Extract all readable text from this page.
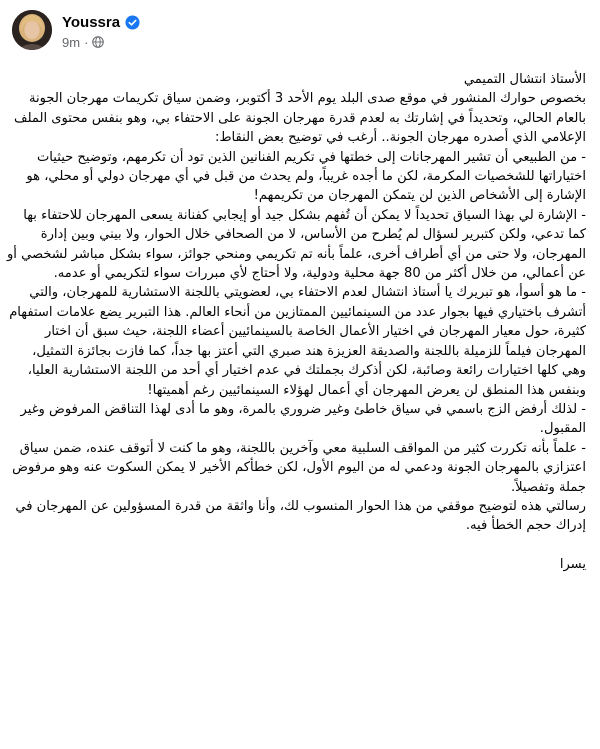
Youssra
9m ·

الأستاذ انتشال التميمي

بخصوص حوارك المنشور في موقع صدى البلد يوم الأحد 3 أكتوبر، وضمن سياق تكريمات مهرجان الجونة بالعام الحالي، وتحديداً في إشارتك به لعدم قدرة مهرجان الجونة على الاحتفاء بي، وهو بنفس محتوى الملف الإعلامي الذي أصدره مهرجان الجونة.. أرغب في توضيح بعض النقاط:

- من الطبيعي أن تشير المهرجانات إلى خطتها في تكريم الفنانين الذين تود أن تكرمهم، وتوضيح حيثيات اختياراتها للشخصيات المكرمة، لكن ما أجده غريباً، ولم يحدث من قبل في أي مهرجان دولي أو محلي، هو الإشارة إلى الأشخاص الذين لن يتمكن المهرجان من تكريمهم!

- الإشارة لي بهذا السياق تحديداً لا يمكن أن تُفهم بشكل جيد أو إيجابي كفنانة يسعى المهرجان للاحتفاء بها كما تدعي، ولكن كتبرير لسؤال لم يُطرح من الأساس، لا من الصحافي خلال الحوار، ولا بيني وبين إدارة المهرجان، ولا حتى من أي أطراف أخرى، علماً بأنه تم تكريمي ومنحي جوائز، سواء بشكل مباشر لشخصي أو عن أعمالي، من خلال أكثر من 80 جهة محلية ودولية، ولا أحتاج لأي مبررات سواء لتكريمي أو عدمه.

- ما هو أسوأ، هو تبريرك يا أستاذ انتشال لعدم الاحتفاء بي، لعضويتي باللجنة الاستشارية للمهرجان، والتي أتشرف باختياري فيها بجوار عدد من السينمائيين الممتازين من أنحاء العالم. هذا التبرير يضع علامات استفهام كثيرة، حول معيار المهرجان في اختيار الأعمال الخاصة بالسينمائيين أعضاء اللجنة، حيث سبق أن اختار المهرجان فيلماً للزميلة باللجنة والصديقة العزيزة هند صبري التي أعتز بها جداً، كما فازت بجائزة التمثيل، وهي كلها اختيارات رائعة وصائبة، لكن أذكرك بجملتك في عدم اختيار أي أحد من اللجنة الاستشارية العليا، وبنفس هذا المنطق لن يعرض المهرجان أي أعمال لهؤلاء السينمائيين رغم أهميتها!

- لذلك أرفض الزج باسمي في سياق خاطئ وغير ضروري بالمرة، وهو ما أدى لهذا التناقض المرفوض وغير المقبول.

- علماً بأنه تكررت كثير من المواقف السلبية معي وآخرين باللجنة، وهو ما كنت لا أتوقف عنده، ضمن سياق اعتزازي بالمهرجان الجونة ودعمي له من اليوم الأول، لكن خطأكم الأخير لا يمكن السكوت عنه وهو مرفوض جملة وتفصيلاً.

رسالتي هذه لتوضيح موقفي من هذا الحوار المنسوب لك، وأنا واثقة من قدرة المسؤولين عن المهرجان في إدراك حجم الخطأ فيه.

يسرا
